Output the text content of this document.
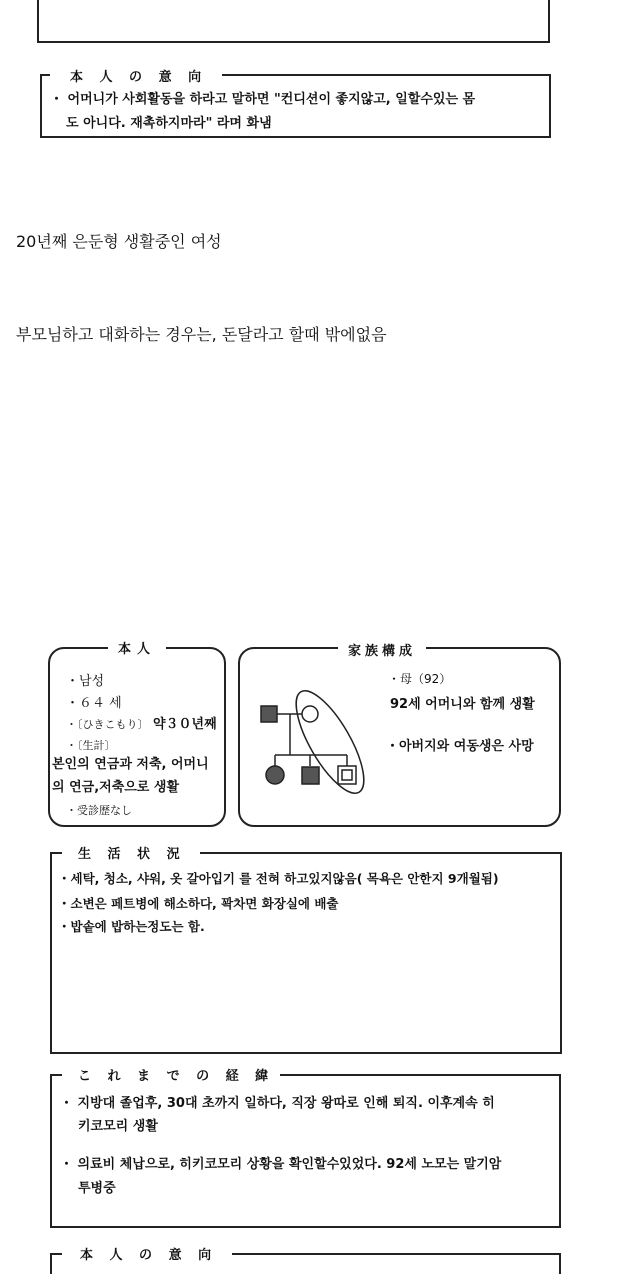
本 人 の 意 向
・ 어머니가 사회활동을 하라고 말하면 "컨디션이 좋지않고, 일할수있는 몸
도 아니다. 재촉하지마라" 라며 화냄
20년째 은둔형 생활중인 여성
부모님하고 대화하는 경우는, 돈달라고 할때 밖에없음
本人
・남성
・６４ 세
・〔ひきこもり〕 약３０년째
・〔生計〕
본인의 연금과 저축, 어머니
의 연금,저축으로 생활
・受診歴なし
家族構成
・母（92）
92세 어머니와 함께 생활
・아버지와 여동생은 사망
生 活 状 況
・세탁, 청소, 샤워, 옷 갈아입기 를 전혀 하고있지않음( 목욕은 안한지 9개월됨)
・소변은 페트병에 해소하다, 꽉차면 화장실에 배출
・밥솥에 밥하는정도는 함.
こ れ ま で の 経 緯
・ 지방대 졸업후, 30대 초까지 일하다, 직장 왕따로 인해 퇴직. 이후계속 히
키코모리 생활
・ 의료비 체납으로, 히키코모리 상황을 확인할수있었다. 92세 노모는 말기암
투병중
本 人 の 意 向
